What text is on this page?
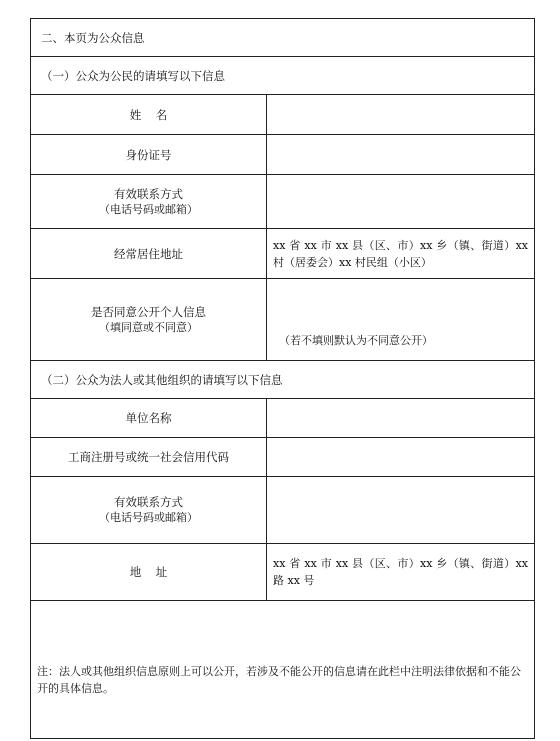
二、本页为公众信息
（一）公众为公民的请填写以下信息
姓    名
身份证号
有效联系方式
（电话号码或邮箱）
经常居住地址
xx 省 xx 市 xx 县（区、市）xx 乡（镇、街道）xx 村（居委会）xx 村民组（小区）
是否同意公开个人信息
（填同意或不同意）
（若不填则默认为不同意公开）
（二）公众为法人或其他组织的请填写以下信息
单位名称
工商注册号或统一社会信用代码
有效联系方式
（电话号码或邮箱）
地    址
xx 省 xx 市 xx 县（区、市）xx 乡（镇、街道）xx 路 xx 号
注：法人或其他组织信息原则上可以公开，若涉及不能公开的信息请在此栏中注明法律依据和不能公开的具体信息。
